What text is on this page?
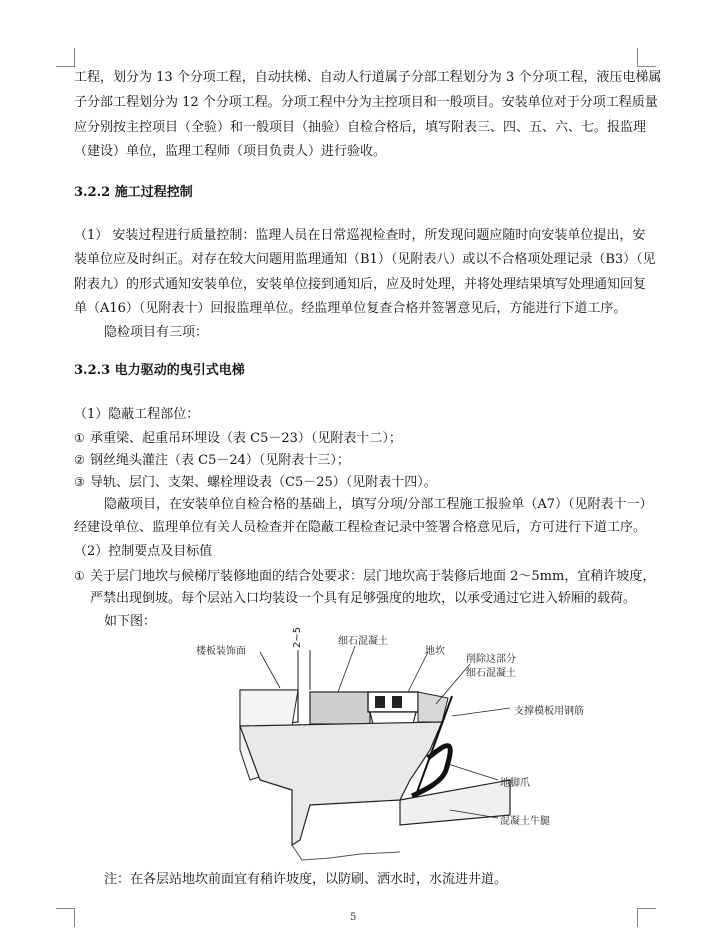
工程，划分为 13 个分项工程，自动扶梯、自动人行道属子分部工程划分为 3 个分项工程，液压电梯属
子分部工程划分为 12 个分项工程。分项工程中分为主控项目和一般项目。安装单位对于分项工程质量
应分别按主控项目（全验）和一般项目（抽验）自检合格后，填写附表三、四、五、六、七。报监理
（建设）单位，监理工程师（项目负责人）进行验收。
3.2.2 施工过程控制
（1） 安装过程进行质量控制：监理人员在日常巡视检查时，所发现问题应随时向安装单位提出，安
装单位应及时纠正。对存在较大问题用监理通知（B1）（见附表八）或以不合格项处理记录（B3）（见
附表九）的形式通知安装单位，安装单位接到通知后，应及时处理，并将处理结果填写处理通知回复
单（A16）（见附表十）回报监理单位。经监理单位复查合格并签署意见后，方能进行下道工序。
隐检项目有三项：
3.2.3 电力驱动的曳引式电梯
（1）隐蔽工程部位：
① 承重梁、起重吊环埋设（表 C5－23）（见附表十二）；
② 钢丝绳头灌注（表 C5－24）（见附表十三）；
③ 导轨、层门、支架、螺栓埋设表（C5－25）（见附表十四）。
隐蔽项目，在安装单位自检合格的基础上，填写分项/分部工程施工报验单（A7）（见附表十一）
经建设单位、监理单位有关人员检查并在隐蔽工程检查记录中签署合格意见后，方可进行下道工序。
（2）控制要点及目标值
① 关于层门地坎与候梯厅装修地面的结合处要求：层门地坎高于装修后地面 2～5mm，宜稍许坡度，
严禁出现倒坡。每个层站入口均装设一个具有足够强度的地坎，以承受通过它进入轿厢的载荷。
如下图：
楼板装饰面
细石混凝土
地坎
削除这部分
细石混凝土
支撑模板用钢筋
地脚爪
混凝土牛腿
2~5
注：在各层站地坎前面宜有稍许坡度，以防刷、洒水时，水流进井道。
5
